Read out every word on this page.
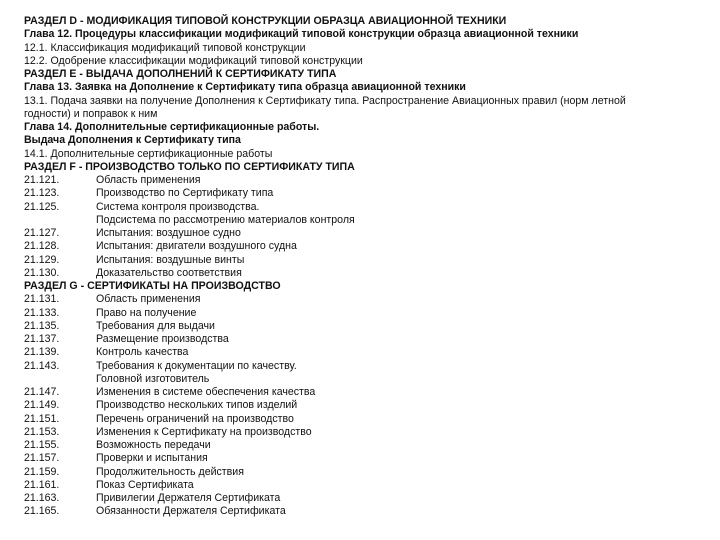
РАЗДЕЛ D - МОДИФИКАЦИЯ ТИПОВОЙ КОНСТРУКЦИИ ОБРАЗЦА АВИАЦИОННОЙ ТЕХНИКИ
Глава 12. Процедуры классификации модификаций типовой конструкции образца авиационной техники
12.1. Классификация модификаций типовой конструкции
12.2. Одобрение классификации модификаций типовой конструкции
РАЗДЕЛ E - ВЫДАЧА ДОПОЛНЕНИЙ К СЕРТИФИКАТУ ТИПА
Глава 13. Заявка на Дополнение к Сертификату типа образца авиационной техники
13.1. Подача заявки на получение Дополнения к Сертификату типа. Распространение Авиационных правил (норм летной
годности) и поправок к ним
Глава 14. Дополнительные сертификационные работы.
Выдача Дополнения к Сертификату типа
14.1. Дополнительные сертификационные работы
РАЗДЕЛ F - ПРОИЗВОДСТВО ТОЛЬКО ПО СЕРТИФИКАТУ ТИПА
21.121.	Область применения
21.123.	Производство по Сертификату типа
21.125.	Система контроля производства.
Подсистема по рассмотрению материалов контроля
21.127.	Испытания: воздушное судно
21.128.	Испытания: двигатели воздушного судна
21.129.	Испытания: воздушные винты
21.130.	Доказательство соответствия
РАЗДЕЛ G - СЕРТИФИКАТЫ НА ПРОИЗВОДСТВО
21.131.	Область применения
21.133.	Право на получение
21.135.	Требования для выдачи
21.137.	Размещение производства
21.139.	Контроль качества
21.143.	Требования к документации по качеству.
Головной изготовитель
21.147.	Изменения в системе обеспечения качества
21.149.	Производство нескольких типов изделий
21.151.	Перечень ограничений на производство
21.153.	Изменения к Сертификату на производство
21.155.	Возможность передачи
21.157.	Проверки и испытания
21.159.	Продолжительность действия
21.161.	Показ Сертификата
21.163.	Привилегии Держателя Сертификата
21.165.	Обязанности Держателя Сертификата
